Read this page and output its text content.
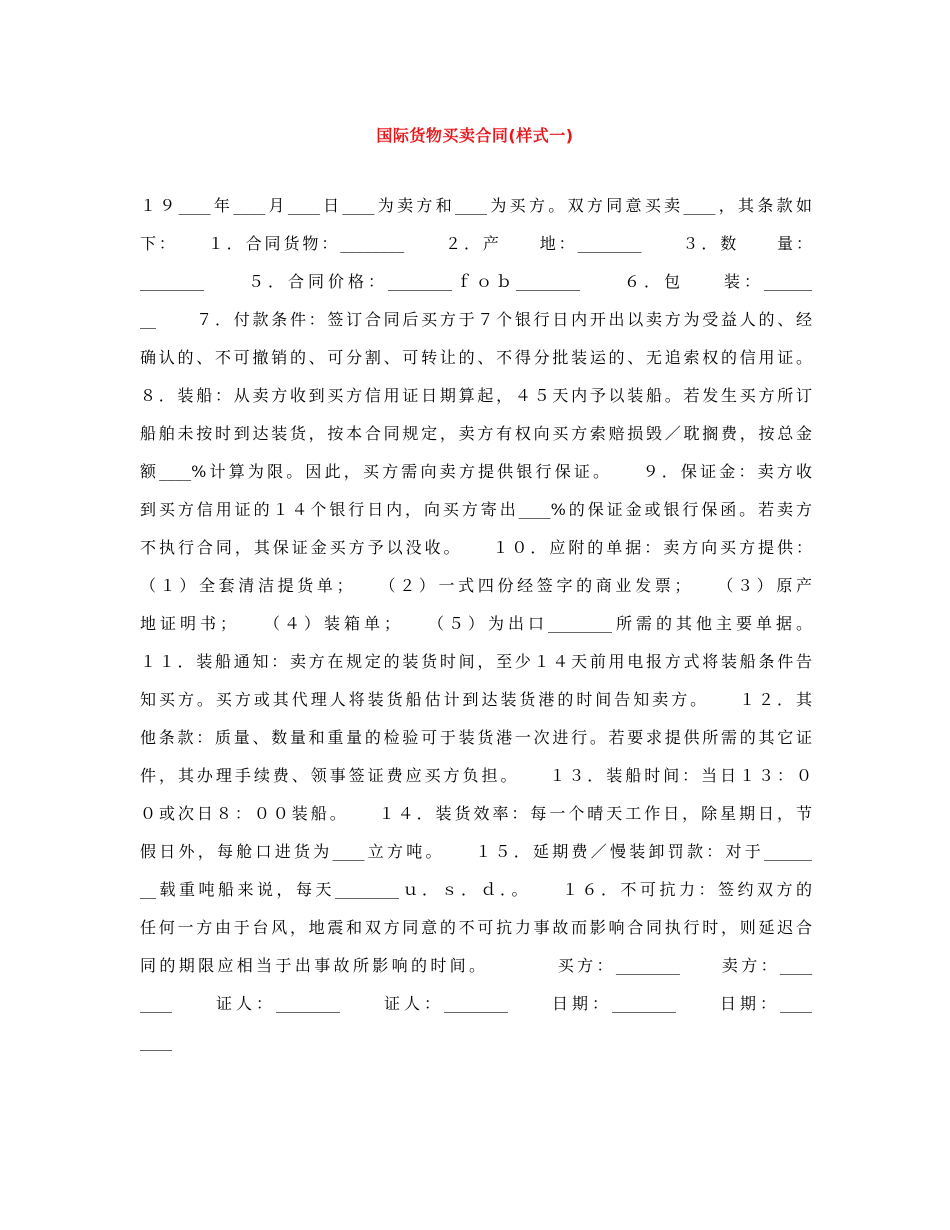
国际货物买卖合同(样式一)
１９____年____月____日____为卖方和____为买方。双方同意买卖____，其条款如
下：　　１．合同货物：________　　２．产　　地：________　　３．数　　量：
________　　５．合同价格：________ｆｏｂ________　　６．包　　装：______
__　　７．付款条件：签订合同后买方于７个银行日内开出以卖方为受益人的、经
确认的、不可撤销的、可分割、可转让的、不得分批装运的、无追索权的信用证。
８．装船：从卖方收到买方信用证日期算起，４５天内予以装船。若发生买方所订
船舶未按时到达装货，按本合同规定，卖方有权向买方索赔损毁／耽搁费，按总金
额____%计算为限。因此，买方需向卖方提供银行保证。　　９．保证金：卖方收
到买方信用证的１４个银行日内，向买方寄出____%的保证金或银行保函。若卖方
不执行合同，其保证金买方予以没收。　　１０．应附的单据：卖方向买方提供：
（１）全套清洁提货单；　　（２）一式四份经签字的商业发票；　　（３）原产
地证明书；　　（４）装箱单；　　（５）为出口________所需的其他主要单据。
１１．装船通知：卖方在规定的装货时间，至少１４天前用电报方式将装船条件告
知买方。买方或其代理人将装货船估计到达装货港的时间告知卖方。　　１２．其
他条款：质量、数量和重量的检验可于装货港一次进行。若要求提供所需的其它证
件，其办理手续费、领事签证费应买方负担。　　１３．装船时间：当日１３：０
０或次日８：００装船。　　１４．装货效率：每一个晴天工作日，除星期日，节
假日外，每舱口进货为____立方吨。　　１５．延期费／慢装卸罚款：对于______
__载重吨船来说，每天________ｕ．ｓ．ｄ．。　　１６．不可抗力：签约双方的
任何一方由于台风，地震和双方同意的不可抗力事故而影响合同执行时，则延迟合
同的期限应相当于出事故所影响的时间。　　　　买方：________　　卖方：____
____　　证人：________　　证人：________　　日期：________　　日期：____
____
